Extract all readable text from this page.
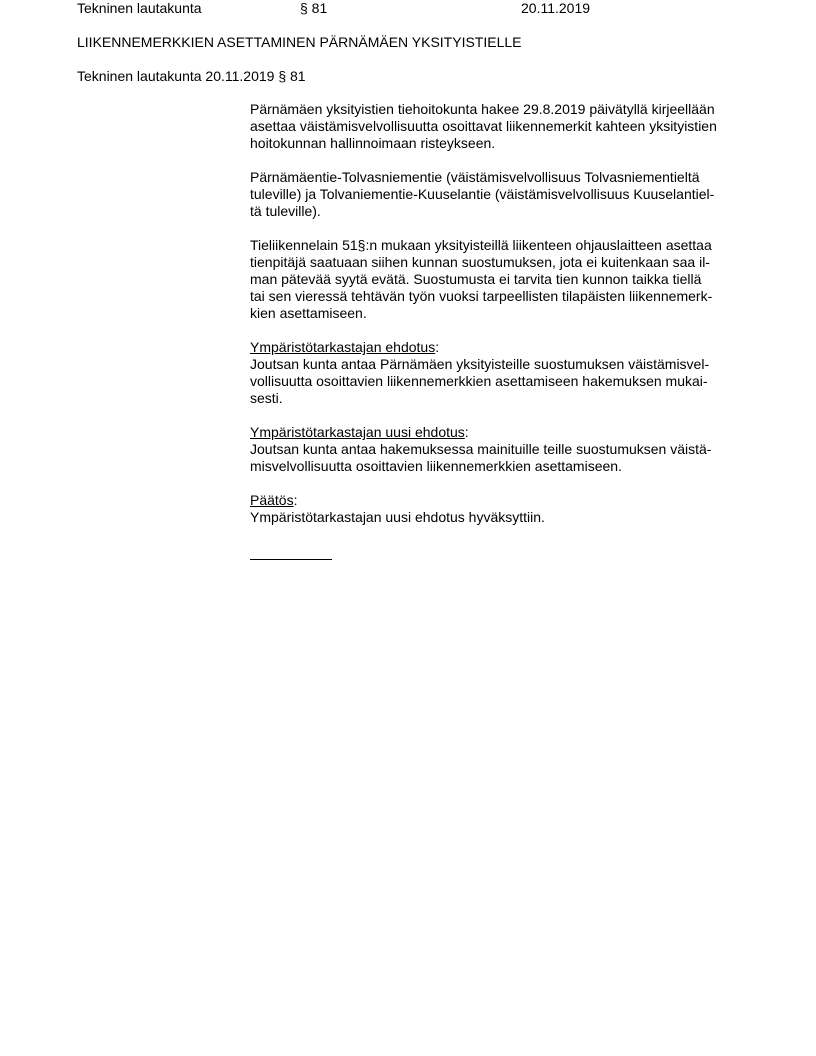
Tekninen lautakunta	§ 81	20.11.2019
LIIKENNEMERKKIEN ASETTAMINEN PÄRNÄMÄEN YKSITYISTIELLE
Tekninen lautakunta 20.11.2019 § 81
Pärnämäen yksityistien tiehoitokunta hakee 29.8.2019 päivätyllä kirjeellään
asettaa väistämisvelvollisuutta osoittavat liikennemerkit kahteen yksityistien
hoitokunnan hallinnoimaan risteykseen.
Pärnämäentie-Tolvasniementie (väistämisvelvollisuus Tolvasniementieltä
tuleville) ja Tolvaniementie-Kuuselantie (väistämisvelvollisuus Kuuselantiel-
tä tuleville).
Tieliikennelain 51§:n mukaan yksityisteillä liikenteen ohjauslaitteen asettaa
tienpitäjä saatuaan siihen kunnan suostumuksen, jota ei kuitenkaan saa il-
man pätevää syytä evätä. Suostumusta ei tarvita tien kunnon taikka tiellä
tai sen vieressä tehtävän työn vuoksi tarpeellisten tilapäisten liikennemerk-
kien asettamiseen.
Ympäristötarkastajan ehdotus:
Joutsan kunta antaa Pärnämäen yksityisteille suostumuksen väistämisvel-
vollisuutta osoittavien liikennemerkkien asettamiseen hakemuksen mukai-
sesti.
Ympäristötarkastajan uusi ehdotus:
Joutsan kunta antaa hakemuksessa mainituille teille suostumuksen väistä-
misvelvollisuutta osoittavien liikennemerkkien asettamiseen.
Päätös:
Ympäristötarkastajan uusi ehdotus hyväksyttiin.
